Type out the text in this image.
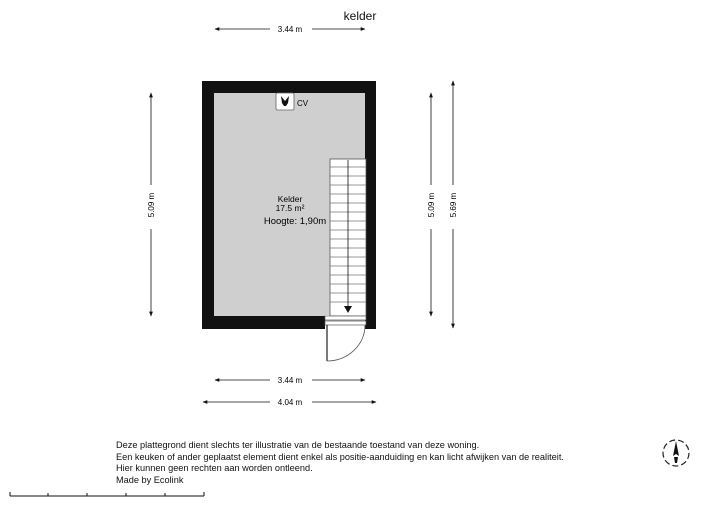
kelder
CV
Kelder
17.5 m²
Hoogte: 1,90m
3.44 m
3.44 m
4.04 m
5.09 m	5.09 m 5.69 m
Deze plattegrond dient slechts ter illustratie van de bestaande toestand van deze woning.
Een keuken of ander geplaatst element dient enkel als positie-aanduiding en kan licht afwijken van de realiteit.
Hier kunnen geen rechten aan worden ontleend.
Made by Ecolink
